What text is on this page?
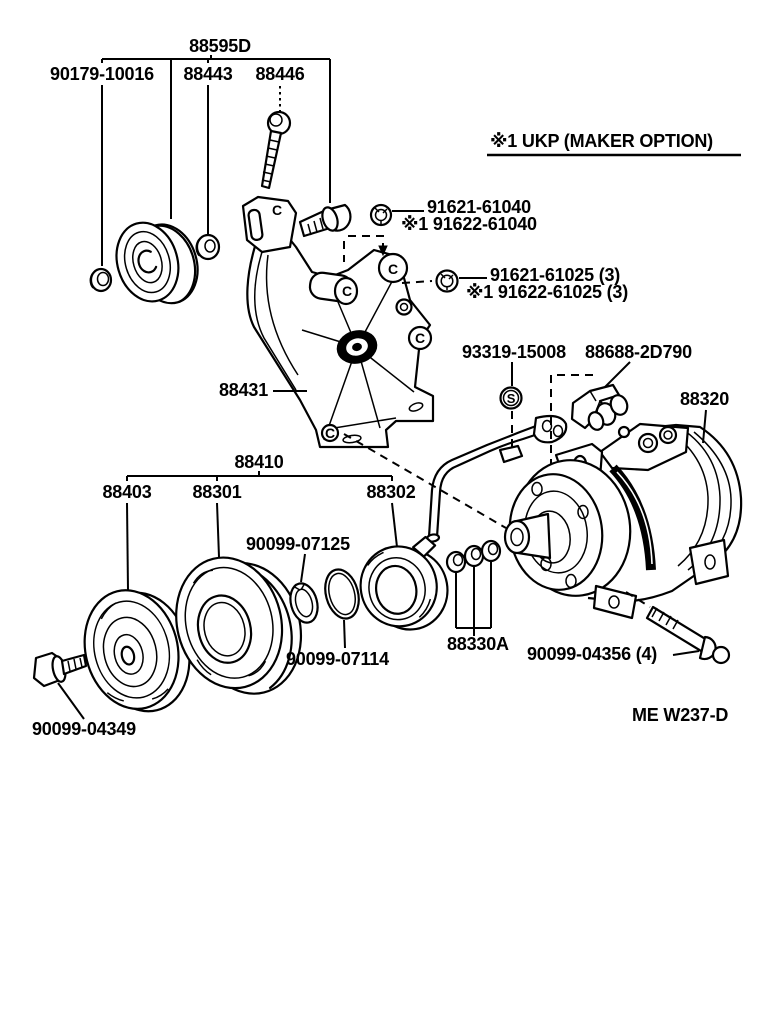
88595D
90179-10016 88443 88446
※1 UKP (MAKER OPTION)
C
C
C
C
C
88431
91621-61040
※1 91622-61040
91621-61025 (3)
※1 91622-61025 (3)
93319-15008
S
88688-2D790
88320
88410
88403 88301	88302
90099-07125
90099-07114
88330A 90099-04356 (4)
ME W237-D
90099-04349
